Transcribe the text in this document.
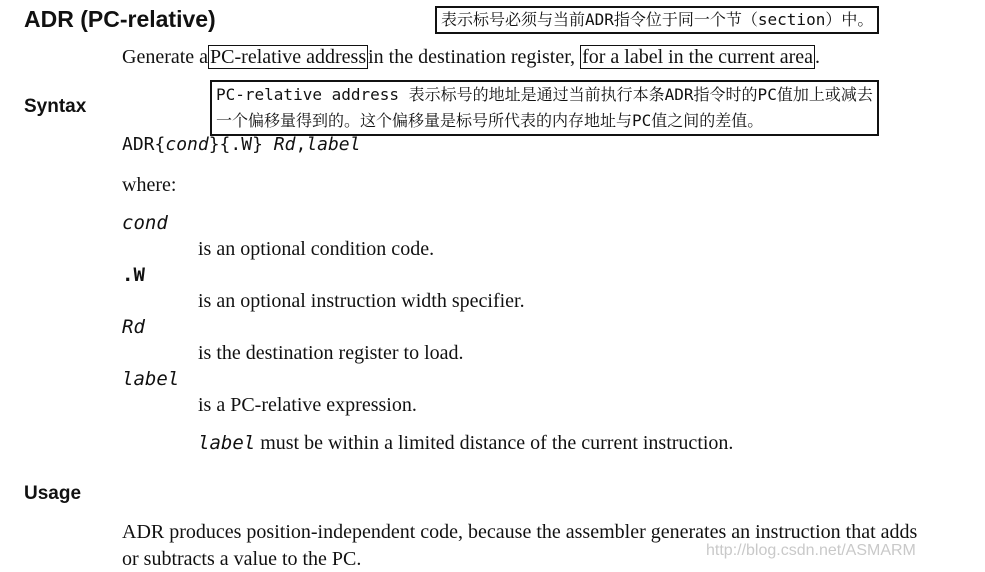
ADR (PC-relative)	表示标号必须与当前ADR指令位于同一个节（section）中。
Generate a PC-relative address in the destination register, for a label in the current area .
Syntax
PC-relative address 表示标号的地址是通过当前执行本条ADR指令时的PC值加上或减去
一个偏移量得到的。这个偏移量是标号所代表的内存地址与PC值之间的差值。
ADR{cond}{.W} Rd,label
where:
cond
is an optional condition code.
.W
is an optional instruction width specifier.
Rd
is the destination register to load.
label
is a PC-relative expression.
label must be within a limited distance of the current instruction.
Usage
ADR produces position-independent code, because the assembler generates an instruction that adds
or subtracts a value to the PC.	http://blog.csdn.net/ASMARM
